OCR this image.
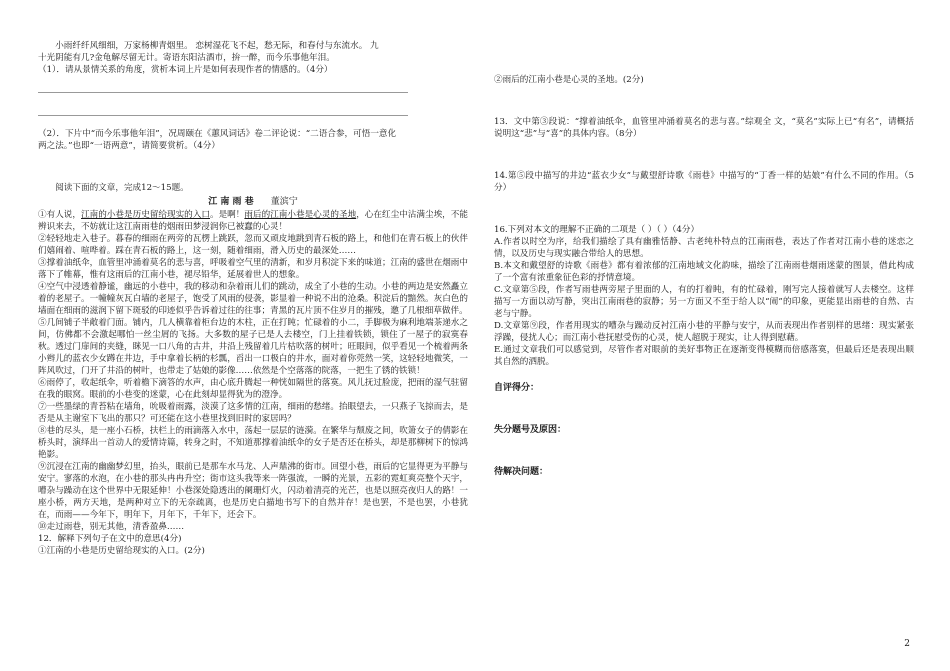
小雨纤纤风细细，万家杨柳青烟里。 恋树湿花飞不起，愁无际，和春付与东流水。 九

十光阴能有几?金龟解尽留无计。寄语东阳沽酒市，拚一醉，而今乐事他年泪。

（1）．请从景情关系的角度，赏析本词上片是如何表现作者的情感的。（4分）

（2）．下片中“而今乐事他年泪”，况周颐在《蕙风词话》卷二评论说：“二语合参，可悟一意化

两之法。”也即“一语两意”，请简要赏析。（4分）

阅读下面的文章，完成12～15题。

江 南 雨 巷 董滨宁

①有人说，江南的小巷是历史留给现实的入口。是啊！雨后的江南小巷是心灵的圣地，心在红尘中沾满尘埃，不能辨识来去，不妨就让这江南雨巷的烟雨田梦浸润你已被蠢的心灵！

②轻轻地走入巷子。暮春的细雨在两旁的瓦楞上跳跃，忽而又顽皮地跳到青石板的路上，和他们在青石板上的伙伴们嬉闹着、喧哗着。踩在青石板的路上，这一刻，随着细雨，滑入历史的最深处……

③撑着油纸伞，血管里冲涌着莫名的悲与喜，呼吸着空气里的清新，和岁月积淀下来的味道；江南的盛世在烟雨中落下了帷幕，惟有这雨后的江南小巷，褪尽铅华，延展着世人的想象。

④空气中浸透着静谧，幽远的小巷中，我的移动和杂着雨儿们的跳动，成全了小巷的生动。小巷的两边是安然矗立着的老屋子。一幢幢灰瓦白墙的老屋子，饱受了风雨的侵袭，影显着一种说不出的沧桑。积淀后的黯然。灰白色的墙面在细雨的滋润下留下斑驳的印迹似乎告诉着过往的往事；青黑的瓦片顶不住岁月的摧残，邀了几根细草做伴。

⑤几间铺子半敞着门面。铺内，几人横靠着柜台边的木柱，正在打盹；忙碌着的小二，手脚极为麻利地端茶递水之间，仿佛都不会激起哪怕一丝尘屑的飞扬。大多数的屋子已是人去楼空，门上挂着铁锁，锁住了一屋子的寂寞春秋。透过门扉间的夹缝，眯见一口八角的古井，井沿上残留着几片枯吹落的树叶；旺眼间，似乎看见一个梳着两条小辫儿的蓝衣少女蹲在井边，手中拿着长柄的杉瓢，舀出一口极白的井水，面对着你莞然一笑，这轻轻地微笑，一阵风吹过，门开了井沿的树叶，也带走了姑娘的影像……依然是个空落落的院落，一把生了锈的铁锁！

⑥雨停了，收起纸伞，听着檐下滴答的水声，由心底升腾起一种恍如隔世的落寞。风儿抚过脸庞，把雨的湿气驻留在我的眼窝。眼前的小巷变的迷蒙，心在此刻却显得犹为的澄净。

⑦一些墨绿的青苔粘在墙角，吮吸着雨露，淡漠了这多情的江南，细雨的愁绪。抬眼望去，一只燕子飞掠而去，是否是从主谢室下飞出的那只？可还能在这小巷里找到旧时的家居吗？

⑧巷的尽头，是一座小石桥，扶栏上的雨滴落入水中，荡起一层层的涟漪。在繁华与颓废之间，吹箫女子的倩影在桥头时，演绎出一首动人的爱情诗篇，转身之时，不知道那撑着油纸伞的女子是否还在桥头，却是那柳树下的惊鸿艳影。

⑨沉浸在江南的幽幽梦幻里，抬头，眼前已是那车水马龙、人声鼎沸的街市。回望小巷，雨后的它显得更为平静与安宁。寥落的水泡，在小巷的那头冉冉升空；街市这头我等来一阵强流，一瞬的光景，五彩的霓虹爽亮整个天宇，嘈杂与躁动在这个世界中无限延伸！小巷深处隐透出的阑珊灯火，闪动着清亮的光芒，也是以照亮夜归人的路！一座小桥，两方天地，是两种对立下的无奈疏离，也是历史白描地书写下的自然并存！是也罢，不是也罢，小巷犹在，而雨——今年下，明年下，月年下，千年下，还会下。

⑩走过雨巷，别无其他，清香盈鼻……

12．解释下列句子在文中的意思(4分)

①江南的小巷是历史留给现实的入口。(2分)

②雨后的江南小巷是心灵的圣地。(2分)

13．文中第③段说：“撑着油纸伞，血管里冲涌着莫名的悲与喜。”综观全 文，“莫名”实际上已“有名”，请概括说明这“悲”与“喜”的具体内容。（8分）

14.第⑤段中描写的井边“蓝衣少女”与戴望舒诗歌《雨巷》中描写的“丁香一样的姑娘”有什么不同的作用。（5分）

16.下列对本文的理解不正确的二项是（ ）（ ）（4分）

A.作者以时空为序，给我们描绘了具有幽雅恬静、古老纯朴特点的江南雨巷，表达了作者对江南小巷的迷恋之情，以及历史与现实融合带给人的思想。

B.本文和戴望舒的诗歌《雨巷》都有着浓郁的江南地域文化韵味，描绘了江南雨巷烟雨迷蒙的图景，借此构成了一个富有浓重象征色彩的抒情意境。

C.文章第⑤段，作者写雨巷两旁屋子里面的人，有的打着盹，有的忙碌着，刚写完人接着就写人去楼空。这样描写一方面以动写静，突出江南雨巷的寂静；另一方面又不至于给人以“闹”的印象，更能显出雨巷的自然、古老与宁静。

D.文章第⑨段，作者用现实的嘈杂与躁动反衬江南小巷的平静与安宁，从而表现出作者别样的思绪：现实紧张浮躁，侵扰人心；而江南小巷抚慰受伤的心灵，使人超脱于现实，让人得到慰藉。

E.通过文章我们可以感觉到，尽管作者对眼前的美好事物正在逐渐变得模糊而倍感落寞，但最后还是表现出顺其自然的洒脱。

自评得分：

失分题号及原因：

待解决问题：

2
